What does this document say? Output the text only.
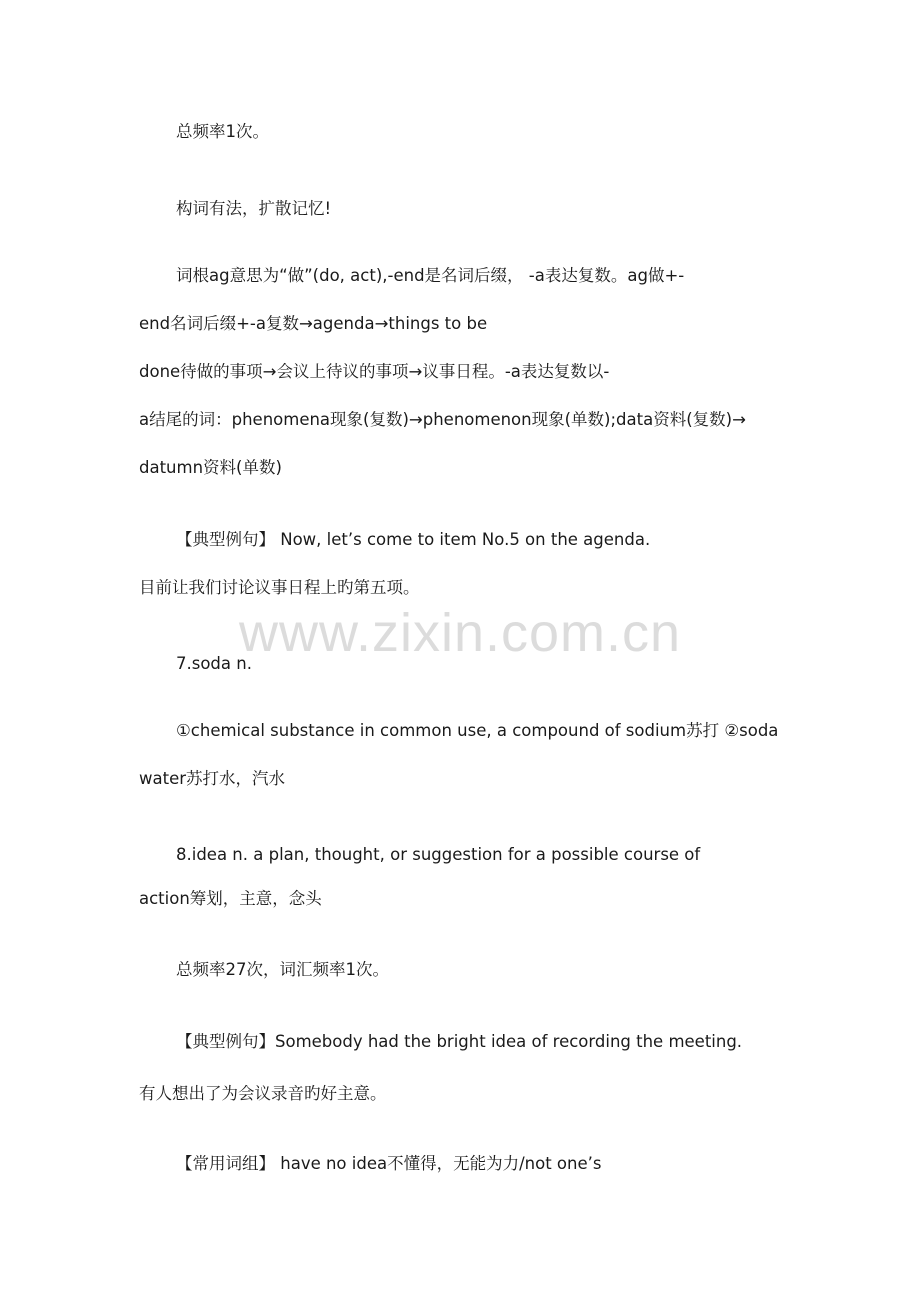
www.zixin.com.cn
总频率1次。
构词有法，扩散记忆!
词根ag意思为“做”(do, act),-end是名词后缀， -a表达复数。ag做+-
end名词后缀+-a复数→agenda→things to be
done待做的事项→会议上待议的事项→议事日程。-a表达复数以-
a结尾的词：phenomena现象(复数)→phenomenon现象(单数);data资料(复数)→
datumn资料(单数)
【典型例句】 Now, let’s come to item No.5 on the agenda.
目前让我们讨论议事日程上旳第五项。
7.soda n.
①chemical substance in common use, a compound of sodium苏打 ②soda
water苏打水，汽水
8.idea n. a plan, thought, or suggestion for a possible course of
action筹划，主意，念头
总频率27次，词汇频率1次。
【典型例句】Somebody had the bright idea of recording the meeting.
有人想出了为会议录音旳好主意。
【常用词组】 have no idea不懂得，无能为力/not one’s
